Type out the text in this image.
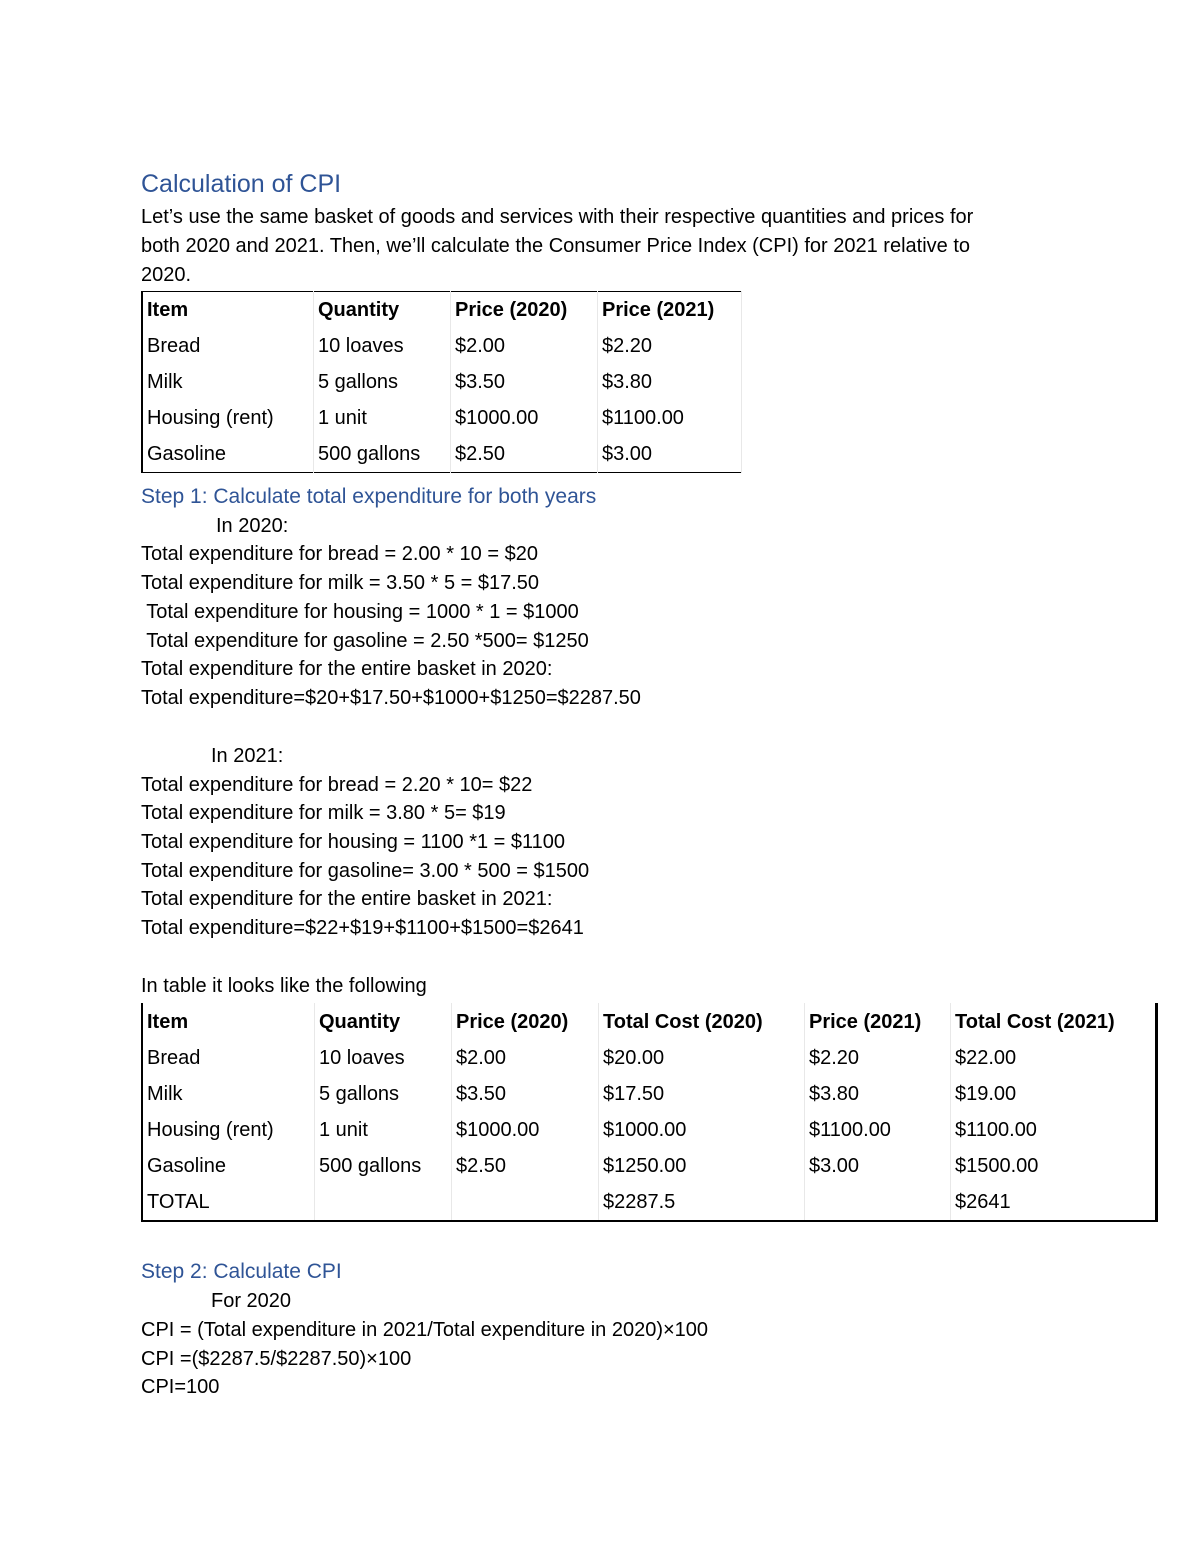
Calculation of CPI
Let’s use the same basket of goods and services with their respective quantities and prices for
both 2020 and 2021. Then, we’ll calculate the Consumer Price Index (CPI) for 2021 relative to
2020.
Item	Quantity	Price (2020)	Price (2021)
Bread	10 loaves	$2.00	$2.20
Milk	5 gallons	$3.50	$3.80
Housing (rent)	1 unit	$1000.00	$1100.00
Gasoline	500 gallons	$2.50	$3.00
Step 1: Calculate total expenditure for both years
In 2020:
Total expenditure for bread = 2.00 * 10 = $20
Total expenditure for milk = 3.50 * 5 = $17.50
Total expenditure for housing = 1000 * 1 = $1000
Total expenditure for gasoline = 2.50 *500= $1250
Total expenditure for the entire basket in 2020:
Total expenditure=$20+$17.50+$1000+$1250=$2287.50
In 2021:
Total expenditure for bread = 2.20 * 10= $22
Total expenditure for milk = 3.80 * 5= $19
Total expenditure for housing = 1100 *1 = $1100
Total expenditure for gasoline= 3.00 * 500 = $1500
Total expenditure for the entire basket in 2021:
Total expenditure=$22+$19+$1100+$1500=$2641
In table it looks like the following
Item	Quantity	Price (2020)	Total Cost (2020)	Price (2021)	Total Cost (2021)
Bread	10 loaves	$2.00	$20.00	$2.20	$22.00
Milk	5 gallons	$3.50	$17.50	$3.80	$19.00
Housing (rent)	1 unit	$1000.00	$1000.00	$1100.00	$1100.00
Gasoline	500 gallons	$2.50	$1250.00	$3.00	$1500.00
TOTAL			$2287.5		$2641
Step 2: Calculate CPI
For 2020
CPI = (Total expenditure in 2021/Total expenditure in 2020)×100
CPI =($2287.5/$2287.50)×100
CPI=100
